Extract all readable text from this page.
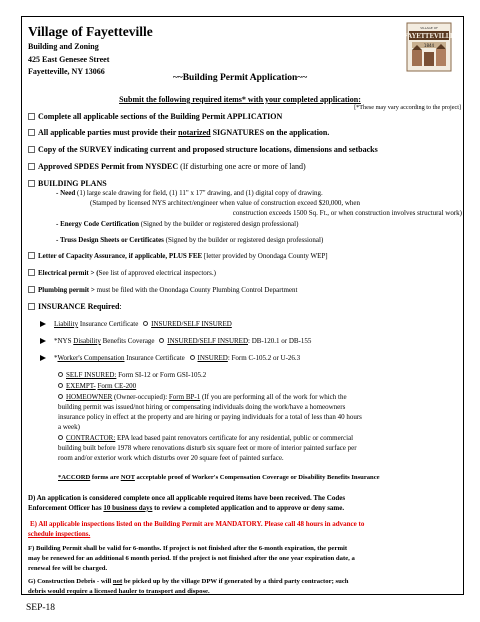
Village of Fayetteville
Building and Zoning
425 East Genesee Street
Fayetteville, NY 13066
~~Building Permit Application~~
VILLAGE OF
FAYETTEVILLE
1844
Submit the following required items* with your completed application:
[*These may vary according to the project]
Complete all applicable sections of the Building Permit APPLICATION
All applicable parties must provide their notarized SIGNATURES on the application.
Copy of the SURVEY indicating current and proposed structure locations, dimensions and setbacks
Approved SPDES Permit from NYSDEC (If disturbing one acre or more of land)
BUILDING PLANS
- Need (1) large scale drawing for field, (1) 11" x 17" drawing, and (1) digital copy of drawing.
(Stamped by licensed NYS architect/engineer when value of construction exceed $20,000, when
construction exceeds 1500 Sq. Ft., or when construction involves structural work)
- Energy Code Certification (Signed by the builder or registered design professional)
- Truss Design Sheets or Certificates (Signed by the builder or registered design professional)
Letter of Capacity Assurance, if applicable, PLUS FEE [letter provided by Onondaga County WEP]
Electrical permit > (See list of approved electrical inspectors.)
Plumbing permit > must be filed with the Onondaga County Plumbing Control Department
INSURANCE Required:
Liability Insurance Certificate INSURED/SELF INSURED
*NYS Disability Benefits Coverage INSURED/SELF INSURED: DB-120.1 or DB-155
*Worker's Compensation Insurance Certificate INSURED: Form C-105.2 or U-26.3
SELF INSURED: Form SI-12 or Form GSI-105.2
EXEMPT- Form CE-200
HOMEOWNER (Owner-occupied): Form BP-1 (If you are performing all of the work for which the
building permit was issued/not hiring or compensating individuals doing the work/have a homeowners
insurance policy in effect at the property and are hiring or paying individuals for a total of less than 40 hours
a week)
CONTRACTOR: EPA lead based paint renovators certificate for any residential, public or commercial
building built before 1978 where renovations disturb six square feet or more of interior painted surface per
room and/or exterior work which disturbs over 20 square feet of painted surface.
*ACCORD forms are NOT acceptable proof of Worker's Compensation Coverage or Disability Benefits Insurance
D) An application is considered complete once all applicable required items have been received. The Codes
Enforcement Officer has 10 business days to review a completed application and to approve or deny same.
E) All applicable inspections listed on the Building Permit are MANDATORY. Please call 48 hours in advance to
schedule inspections.
F) Building Permit shall be valid for 6-months. If project is not finished after the 6-month expiration, the permit
may be renewed for an additional 6 month period. If the project is not finished after the one year expiration date, a
renewal fee will be charged.
G) Construction Debris - will not be picked up by the village DPW if generated by a third party contractor; such
debris would require a licensed hauler to transport and dispose.
SEP-18
